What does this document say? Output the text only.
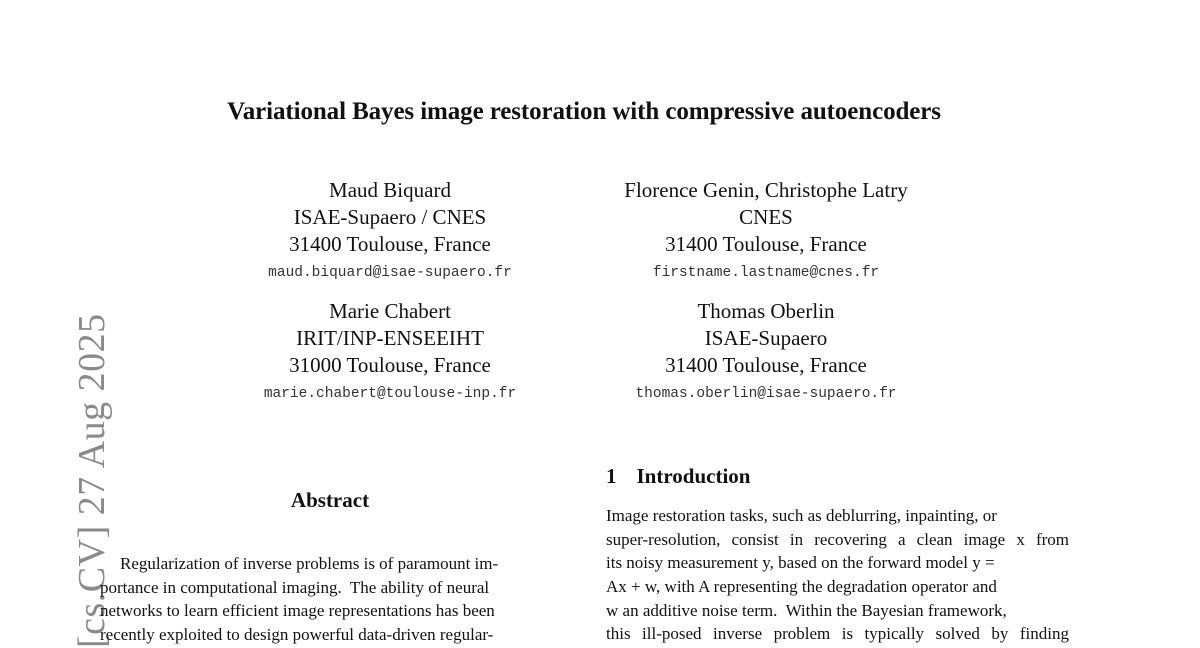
Variational Bayes image restoration with compressive autoencoders
Maud Biquard
ISAE-Supaero / CNES
31400 Toulouse, France
maud.biquard@isae-supaero.fr
Florence Genin, Christophe Latry
CNES
31400 Toulouse, France
firstname.lastname@cnes.fr
Marie Chabert
IRIT/INP-ENSEEIHT
31000 Toulouse, France
marie.chabert@toulouse-inp.fr
Thomas Oberlin
ISAE-Supaero
31400 Toulouse, France
thomas.oberlin@isae-supaero.fr
[cs.CV] 27 Aug 2025	Abstract
Regularization of inverse problems is of paramount im-
portance in computational imaging.  The ability of neural
networks to learn efficient image representations has been
recently exploited to design powerful data-driven regular-
1 Introduction
Image restoration tasks, such as deblurring, inpainting, or
super-resolution, consist in recovering a clean image x from
its noisy measurement y, based on the forward model y =
Ax + w, with A representing the degradation operator and
w an additive noise term.  Within the Bayesian framework,
this ill-posed inverse problem is typically solved by finding
